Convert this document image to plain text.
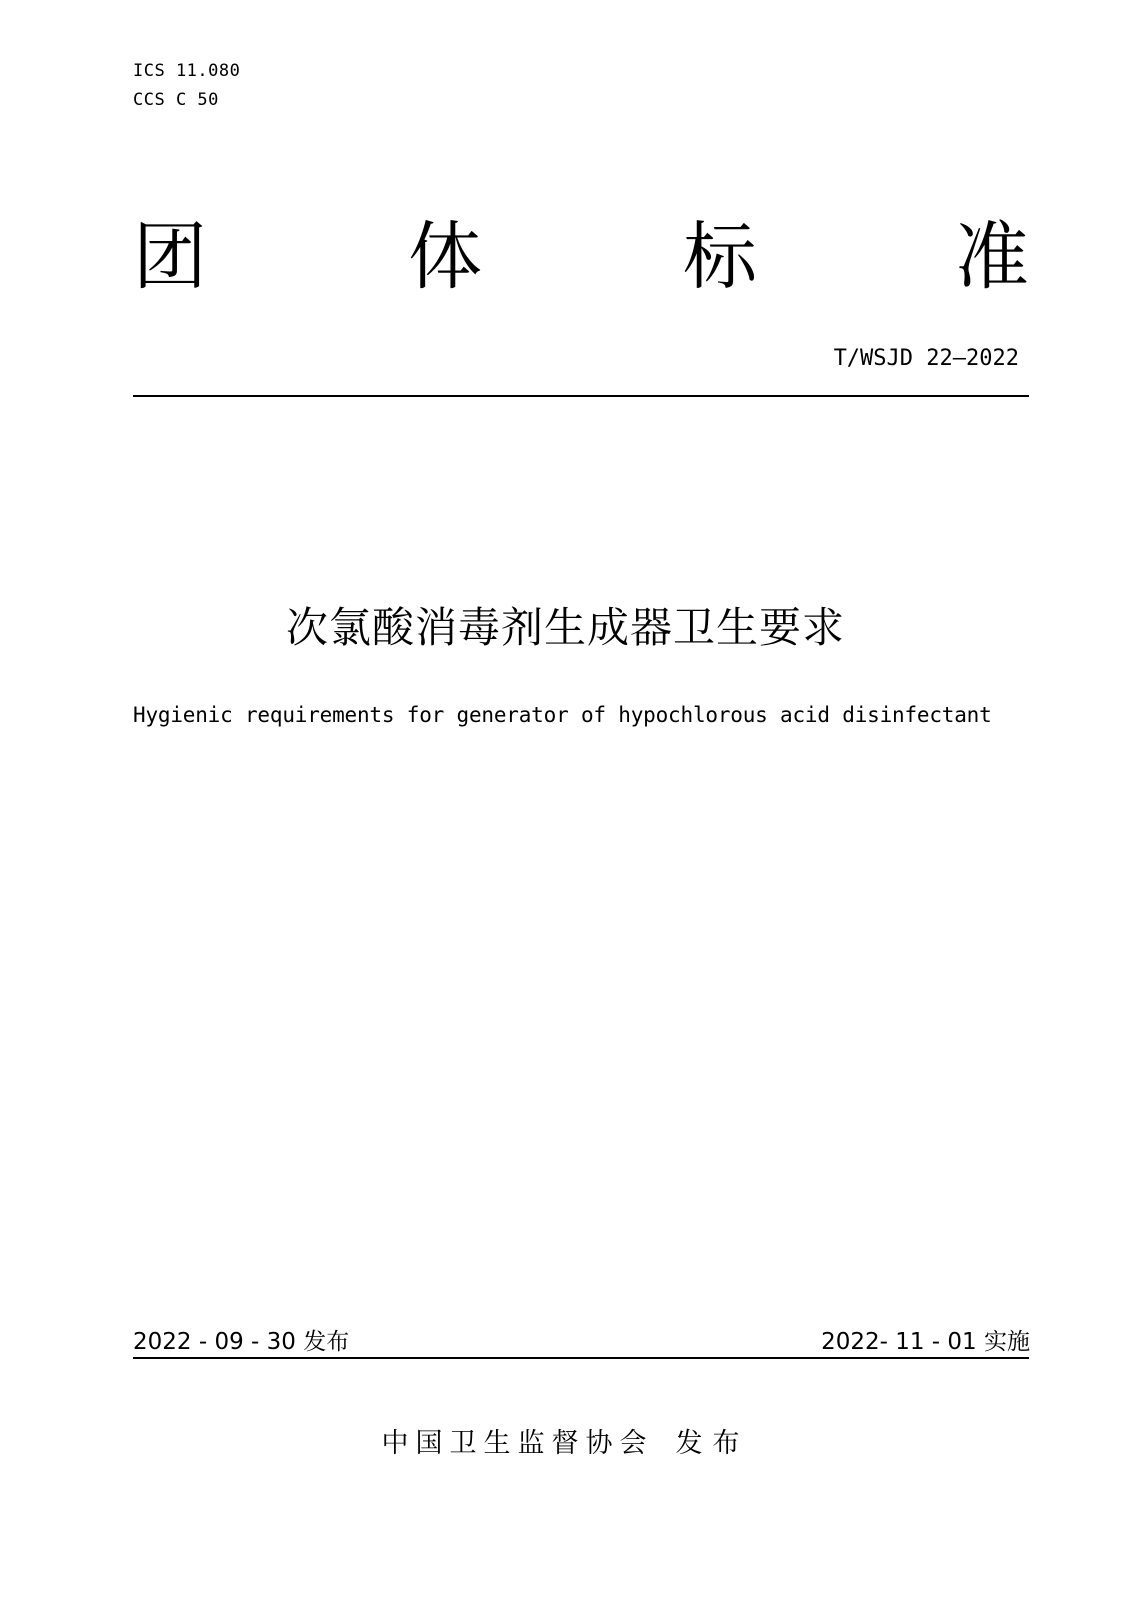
ICS 11.080
CCS C 50
团	体	标	准
T/WSJD 22—2022
次氯酸消毒剂生成器卫生要求
Hygienic requirements for generator of hypochlorous acid disinfectant
2022 - 09 - 30 发布	2022- 11 - 01 实施
中国卫生监督协会 发布
